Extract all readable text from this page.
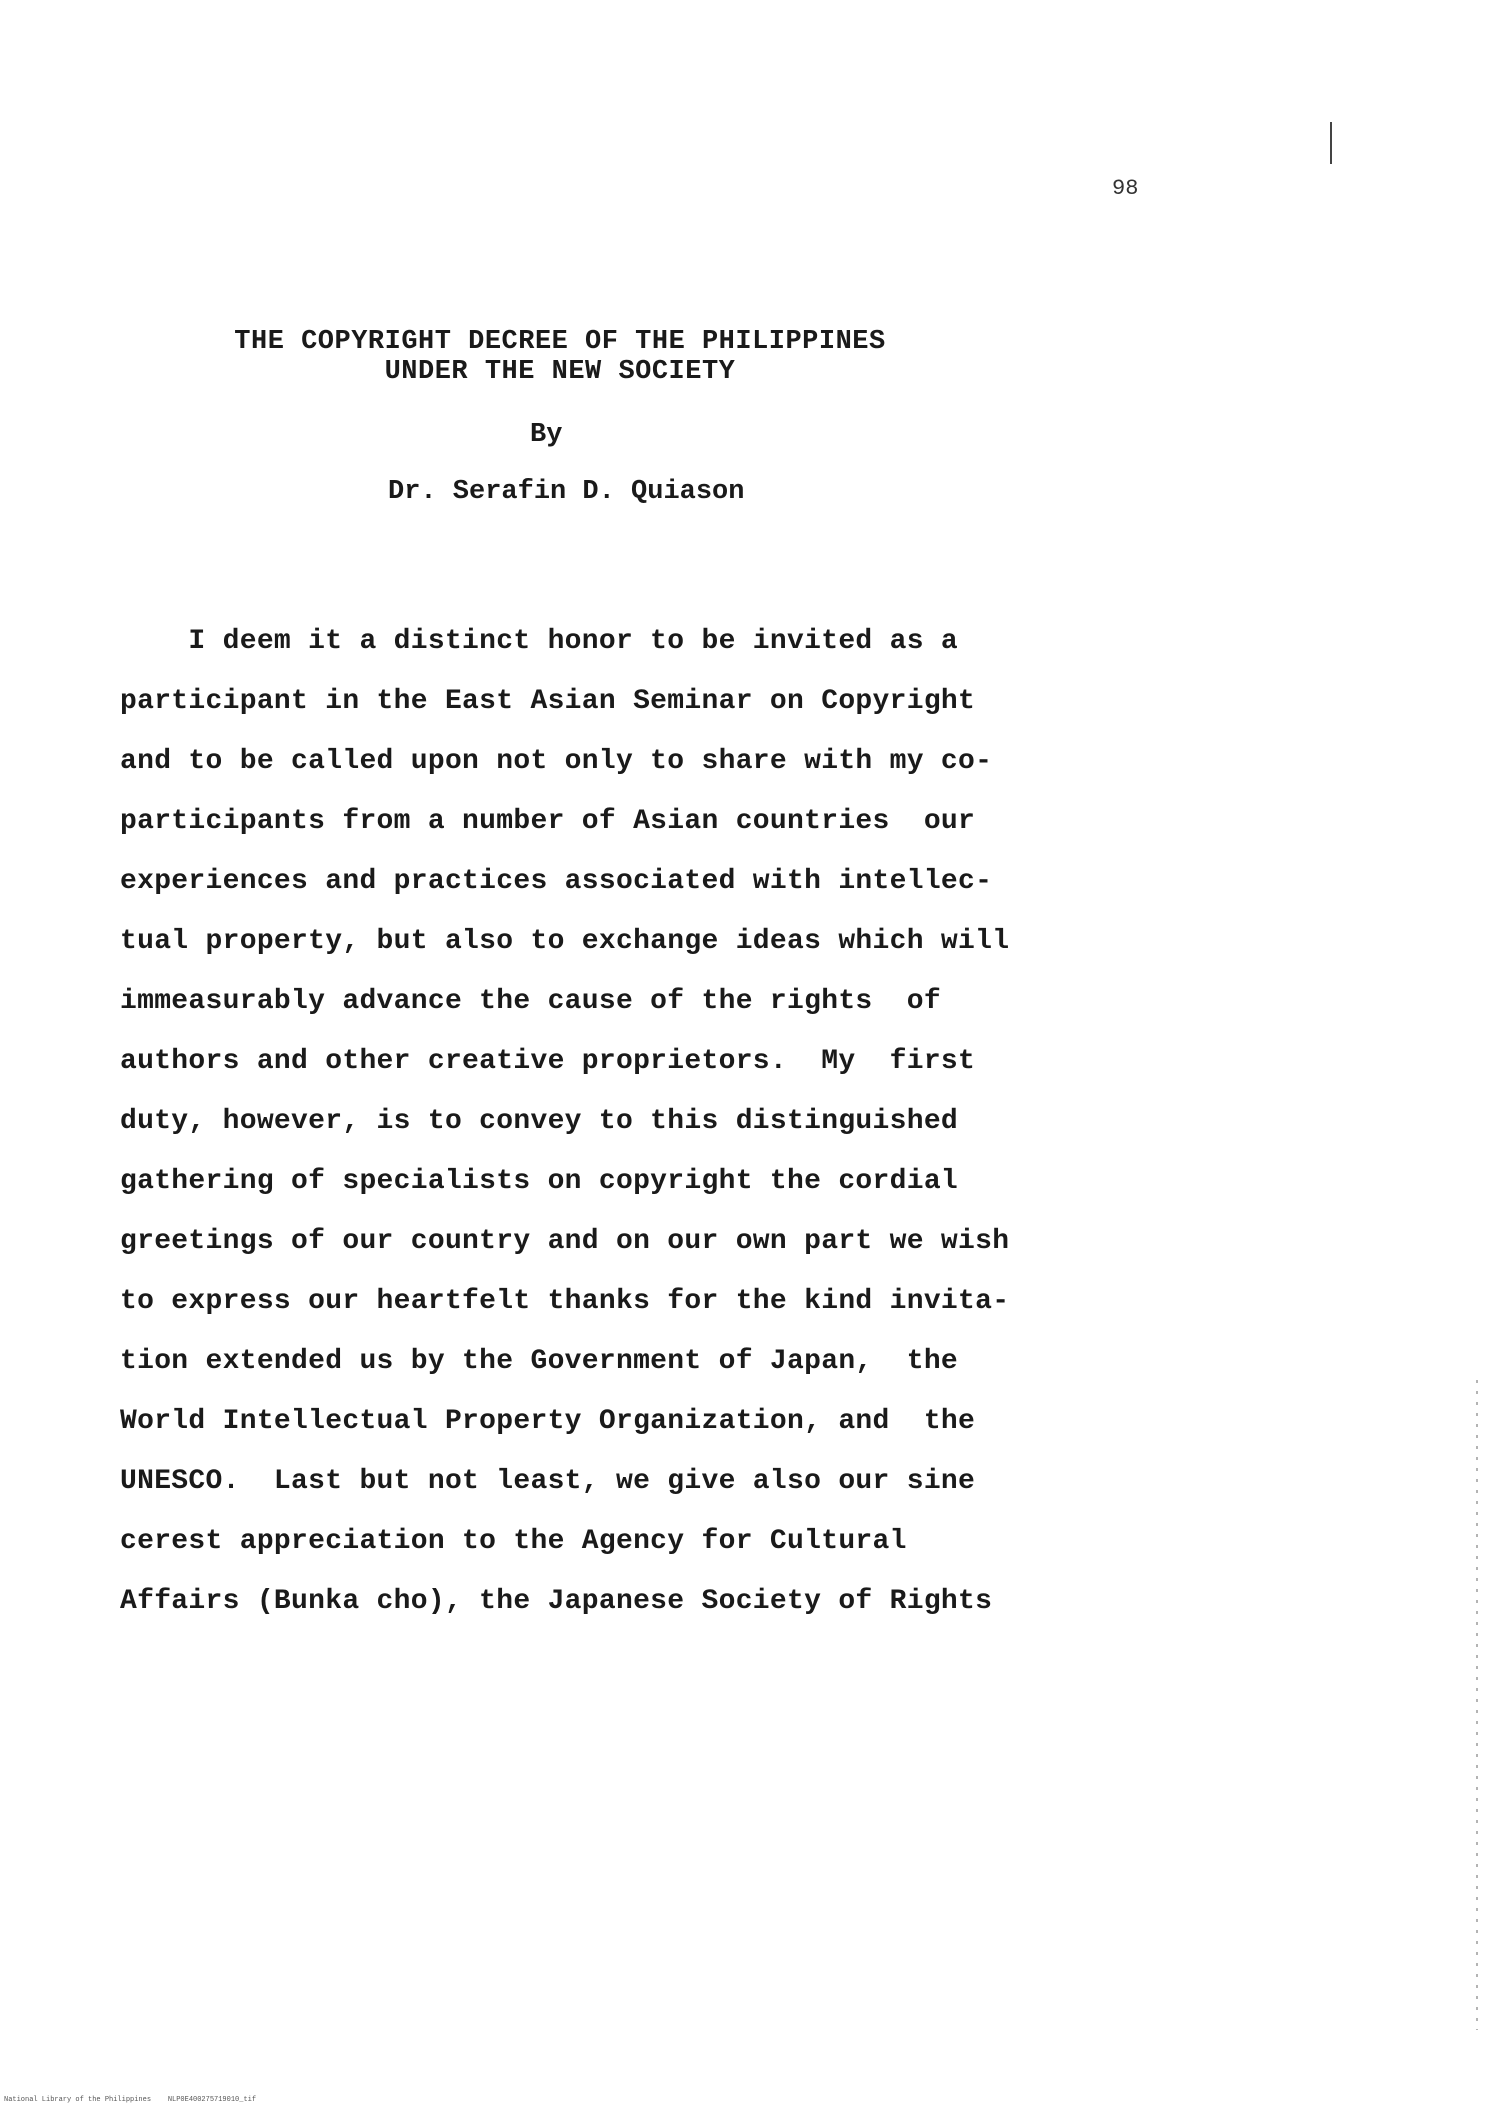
98
THE COPYRIGHT DECREE OF THE PHILIPPINES
UNDER THE NEW SOCIETY
By
Dr. Serafin D. Quiason
I deem it a distinct honor to be invited as a
participant in the East Asian Seminar on Copyright
and to be called upon not only to share with my co-
participants from a number of Asian countries  our
experiences and practices associated with intellec-
tual property, but also to exchange ideas which will
immeasurably advance the cause of the rights  of
authors and other creative proprietors.  My  first
duty, however, is to convey to this distinguished
gathering of specialists on copyright the cordial
greetings of our country and on our own part we wish
to express our heartfelt thanks for the kind invita-
tion extended us by the Government of Japan,  the
World Intellectual Property Organization, and  the
UNESCO.  Last but not least, we give also our sine
cerest appreciation to the Agency for Cultural
Affairs (Bunka cho), the Japanese Society of Rights
National Library of the Philippines    NLP0E400275719010_tif
